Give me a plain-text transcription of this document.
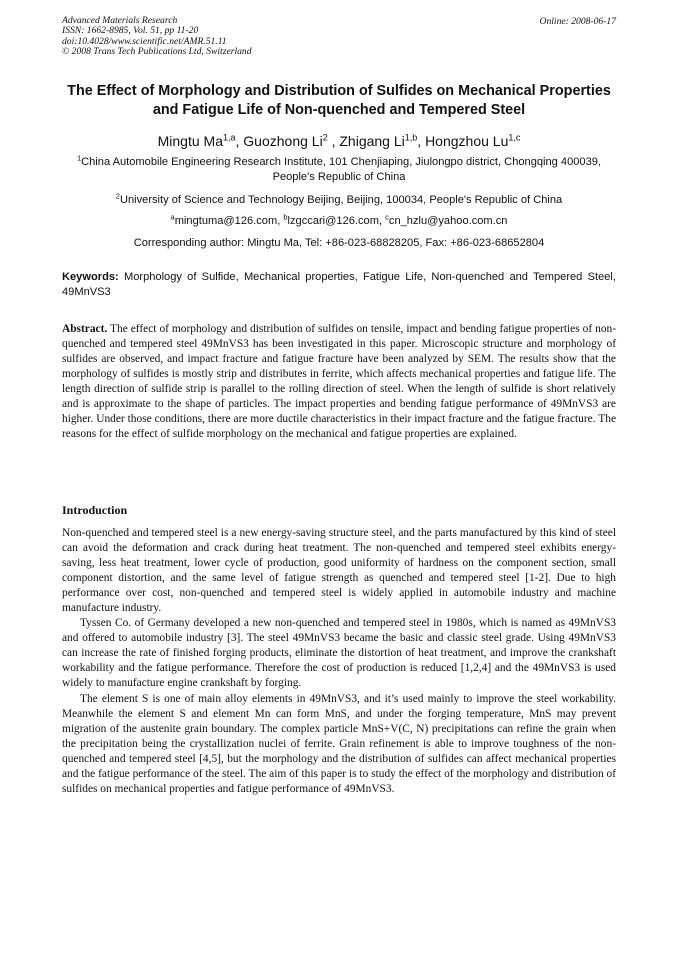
Advanced Materials Research
ISSN: 1662-8985, Vol. 51, pp 11-20
doi:10.4028/www.scientific.net/AMR.51.11
© 2008 Trans Tech Publications Ltd, Switzerland
Online: 2008-06-17
The Effect of Morphology and Distribution of Sulfides on Mechanical Properties and Fatigue Life of Non-quenched and Tempered Steel
Mingtu Ma$^{1,a}$, Guozhong Li$^2$ , Zhigang Li$^{1,b}$, Hongzhou Lu$^{1,c}$
$^1$China Automobile Engineering Research Institute, 101 Chenjiaping, Jiulongpo district, Chongqing 400039, People's Republic of China
$^2$University of Science and Technology Beijing, Beijing, 100034, People's Republic of China
$^a$mingtuma@126.com, $^b$lzgccari@126.com, $^c$cn_hzlu@yahoo.com.cn
Corresponding author: Mingtu Ma, Tel: +86-023-68828205, Fax: +86-023-68652804
Keywords: Morphology of Sulfide, Mechanical properties, Fatigue Life, Non-quenched and Tempered Steel, 49MnVS3
Abstract. The effect of morphology and distribution of sulfides on tensile, impact and bending fatigue properties of non-quenched and tempered steel 49MnVS3 has been investigated in this paper. Microscopic structure and morphology of sulfides are observed, and impact fracture and fatigue fracture have been analyzed by SEM. The results show that the morphology of sulfides is mostly strip and distributes in ferrite, which affects mechanical properties and fatigue life. The length direction of sulfide strip is parallel to the rolling direction of steel. When the length of sulfide is short relatively and is approximate to the shape of particles. The impact properties and bending fatigue performance of 49MnVS3 are higher. Under those conditions, there are more ductile characteristics in their impact fracture and the fatigue fracture. The reasons for the effect of sulfide morphology on the mechanical and fatigue properties are explained.
Introduction

Non-quenched and tempered steel is a new energy-saving structure steel, and the parts manufactured by this kind of steel can avoid the deformation and crack during heat treatment. The non-quenched and tempered steel exhibits energy-saving, less heat treatment, lower cycle of production, good uniformity of hardness on the component section, small component distortion, and the same level of fatigue strength as quenched and tempered steel [1-2]. Due to high performance over cost, non-quenched and tempered steel is widely applied in automobile industry and machine manufacture industry.

Tyssen Co. of Germany developed a new non-quenched and tempered steel in 1980s, which is named as 49MnVS3 and offered to automobile industry [3]. The steel 49MnVS3 became the basic and classic steel grade. Using 49MnVS3 can increase the rate of finished forging products, eliminate the distortion of heat treatment, and improve the crankshaft workability and the fatigue performance. Therefore the cost of production is reduced [1,2,4] and the 49MnVS3 is used widely to manufacture engine crankshaft by forging.

The element S is one of main alloy elements in 49MnVS3, and it’s used mainly to improve the steel workability. Meanwhile the element S and element Mn can form MnS, and under the forging temperature, MnS may prevent migration of the austenite grain boundary. The complex particle MnS+V(C, N) precipitations can refine the grain when the precipitation being the crystallization nuclei of ferrite. Grain refinement is able to improve toughness of the non- quenched and tempered steel [4,5], but the morphology and the distribution of sulfides can affect mechanical properties and the fatigue performance of the steel. The aim of this paper is to study the effect of the morphology and distribution of sulfides on mechanical properties and fatigue performance of 49MnVS3.
